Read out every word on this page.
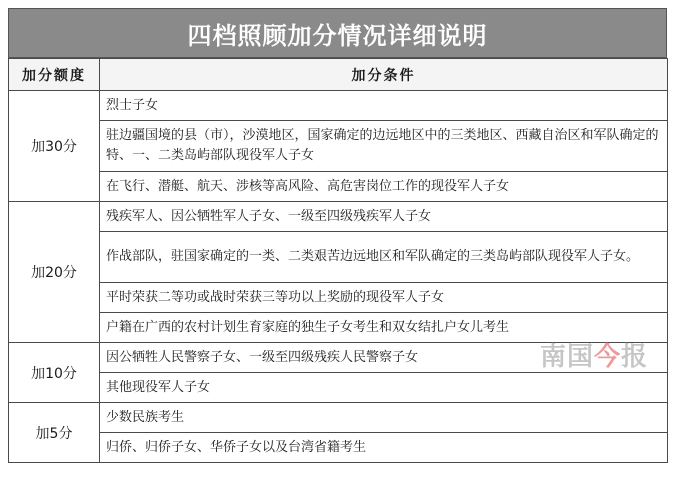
四档照顾加分情况详细说明
加分额度	加分条件
加30分	烈士子女
	驻边疆国境的县（市），沙漠地区，国家确定的边远地区中的三类地区、西藏自治区和军队确定的特、一、二类岛屿部队现役军人子女
	在飞行、潜艇、航天、涉核等高风险、高危害岗位工作的现役军人子女
加20分	残疾军人、因公牺牲军人子女、一级至四级残疾军人子女
	作战部队，驻国家确定的一类、二类艰苦边远地区和军队确定的三类岛屿部队现役军人子女。
	平时荣获二等功或战时荣获三等功以上奖励的现役军人子女
	户籍在广西的农村计划生育家庭的独生子女考生和双女结扎户女儿考生
加10分	因公牺牲人民警察子女、一级至四级残疾人民警察子女
	其他现役军人子女
加5分	少数民族考生
	归侨、归侨子女、华侨子女以及台湾省籍考生
南国今报
